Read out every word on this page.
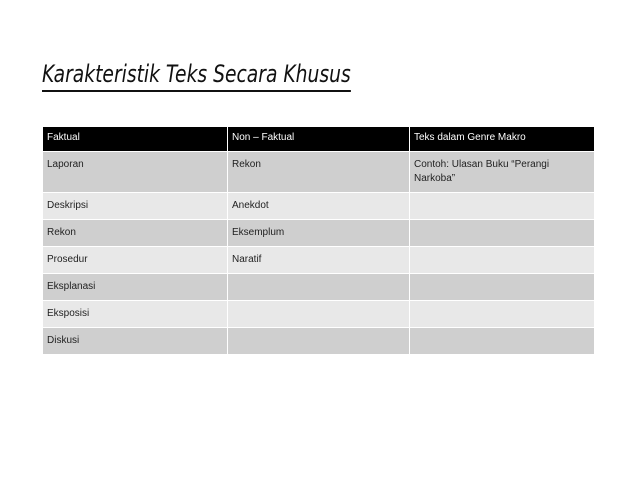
Karakteristik Teks Secara Khusus
Faktual	Non – Faktual	Teks dalam Genre Makro
Laporan	Rekon	Contoh: Ulasan Buku “Perangi Narkoba”
Deskripsi	Anekdot	
Rekon	Eksemplum	
Prosedur	Naratif	
Eksplanasi		
Eksposisi		
Diskusi		
